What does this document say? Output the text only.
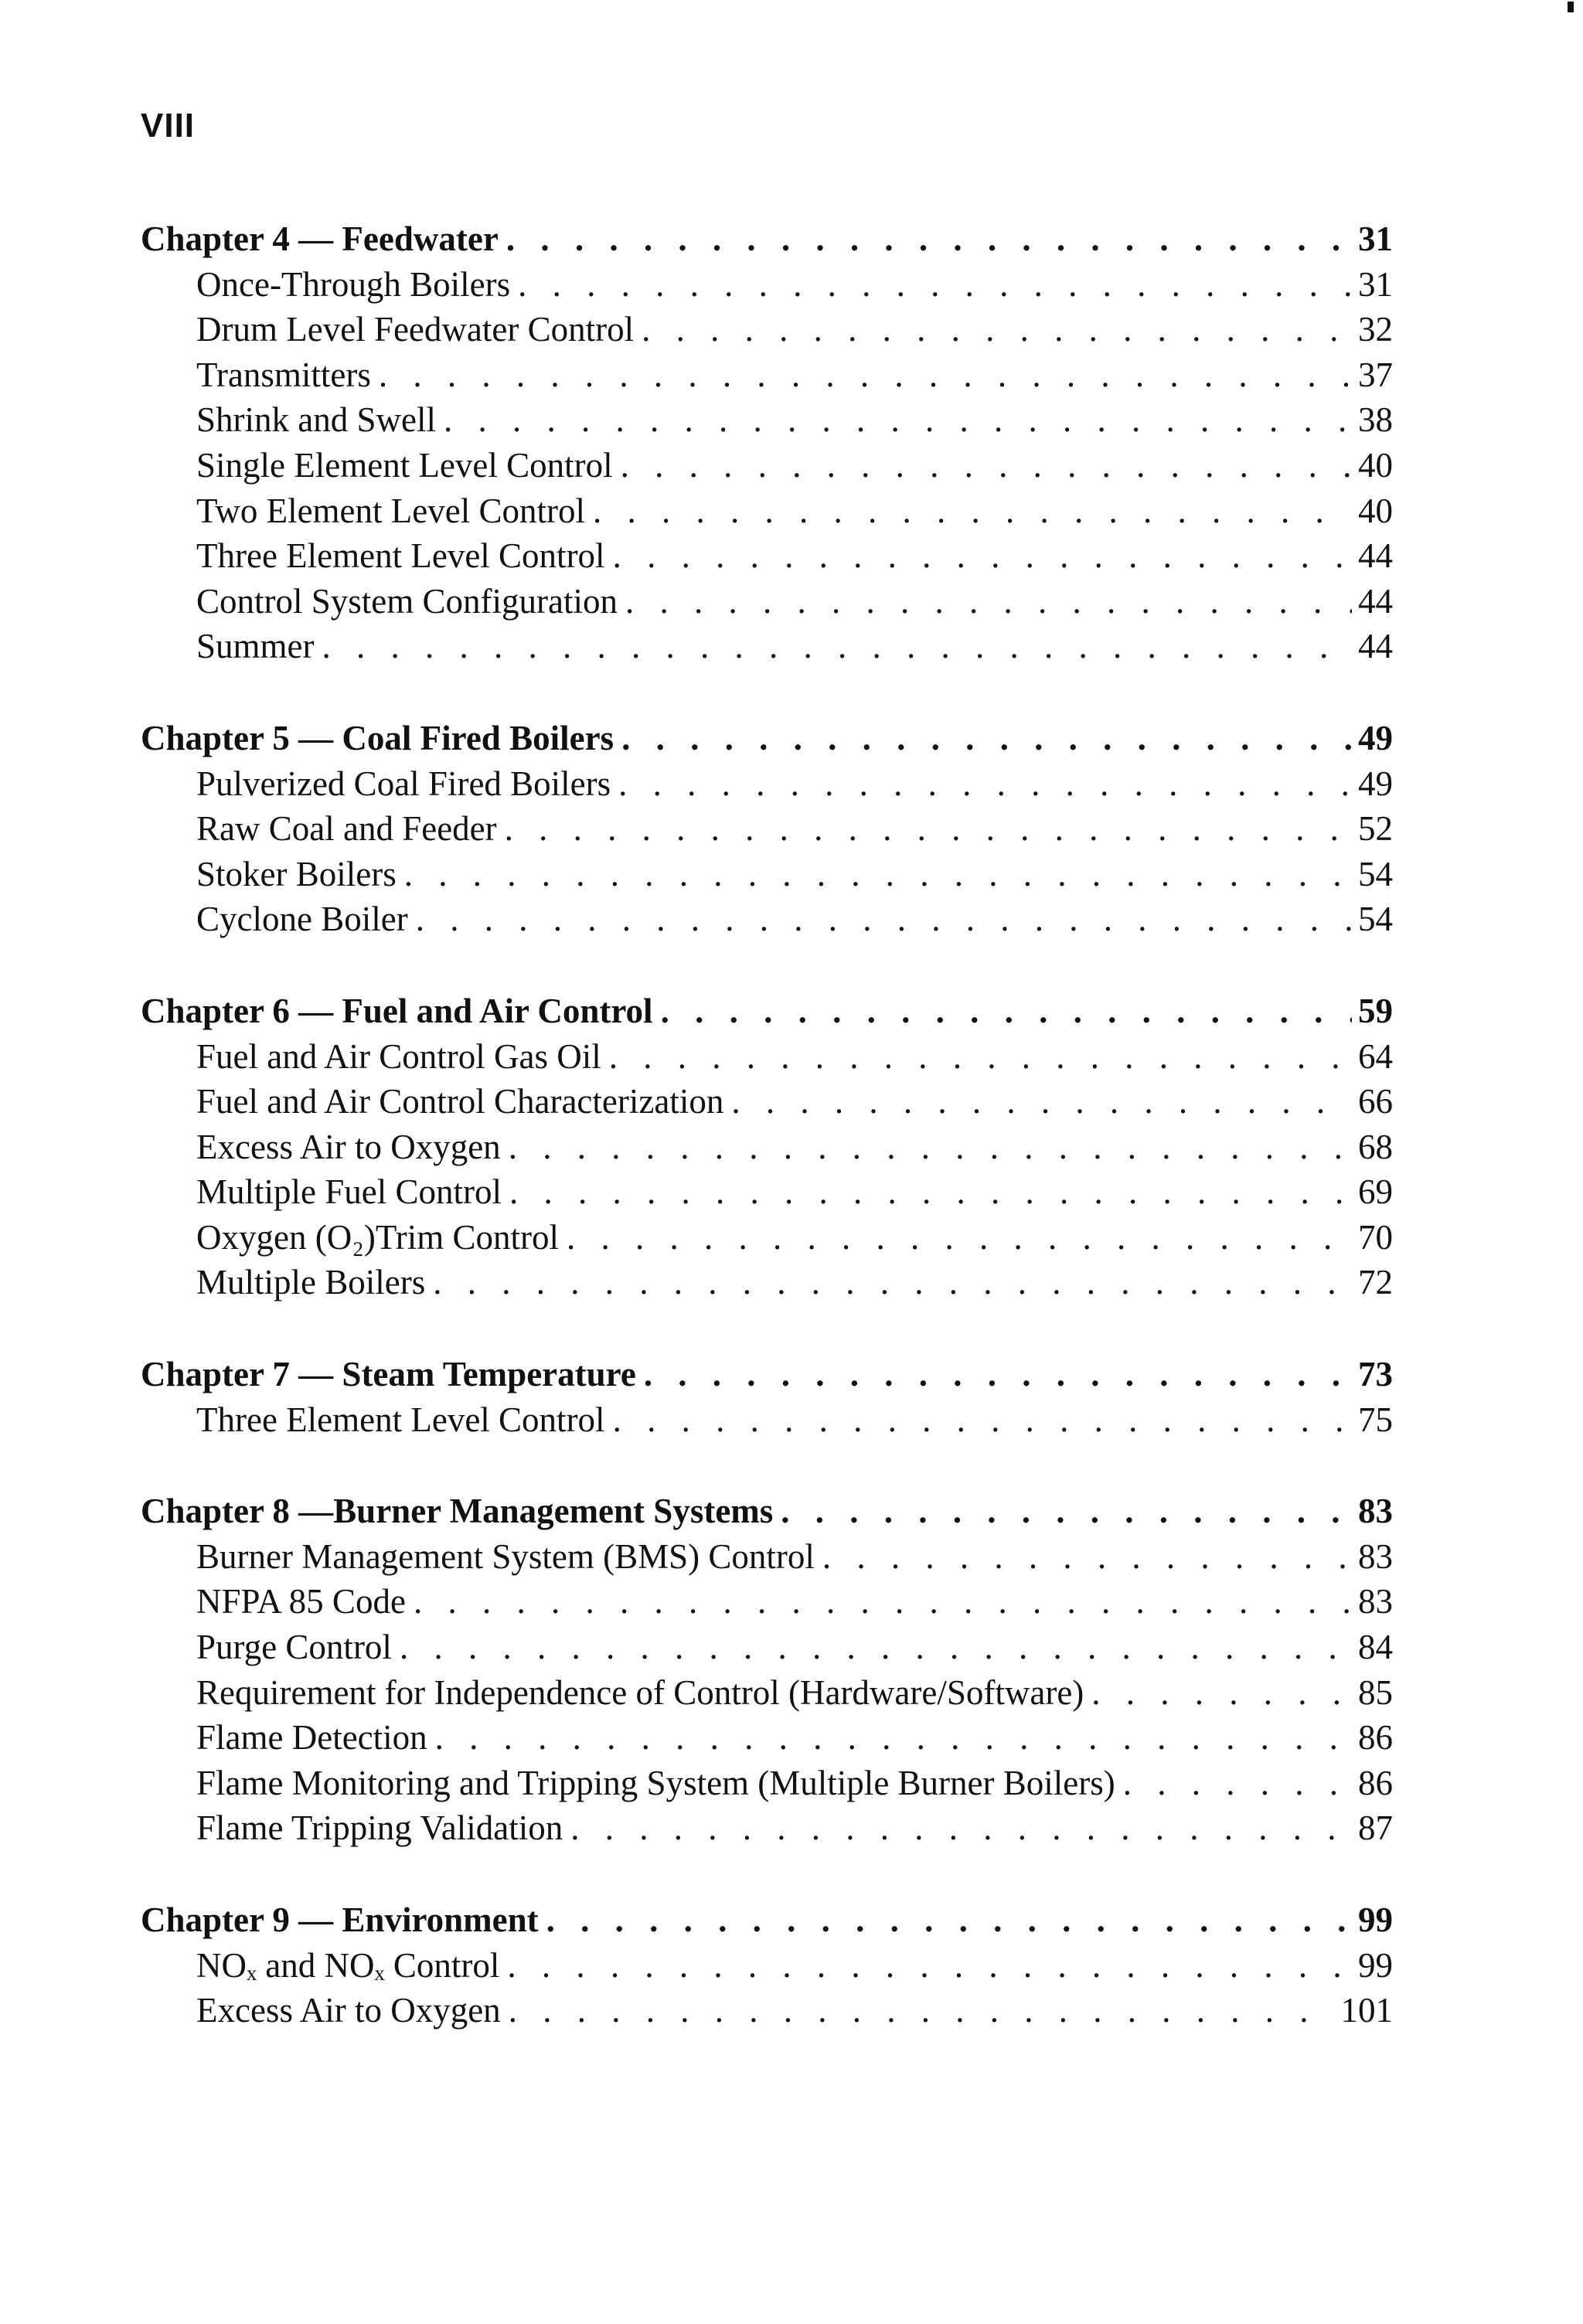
VIII
Chapter 4 — Feedwater . . .	31
Once-Through Boilers . . .	31
Drum Level Feedwater Control . . .	32
Transmitters . . .	37
Shrink and Swell . . .	38
Single Element Level Control . . .	40
Two Element Level Control . . .	40
Three Element Level Control . . .	44
Control System Configuration . . .	44
Summer . . .	44
Chapter 5 — Coal Fired Boilers . . .	49
Pulverized Coal Fired Boilers . . .	49
Raw Coal and Feeder . . .	52
Stoker Boilers . . .	54
Cyclone Boiler . . .	54
Chapter 6 — Fuel and Air Control . . .	59
Fuel and Air Control Gas Oil . . .	64
Fuel and Air Control Characterization . . .	66
Excess Air to Oxygen . . .	68
Multiple Fuel Control . . .	69
Oxygen (O₂)Trim Control . . .	70
Multiple Boilers . . .	72
Chapter 7 — Steam Temperature . . .	73
Three Element Level Control . . .	75
Chapter 8 —Burner Management Systems . . .	83
Burner Management System (BMS) Control . . .	83
NFPA 85 Code . . .	83
Purge Control . . .	84
Requirement for Independence of Control (Hardware/Software) . . .	85
Flame Detection . . .	86
Flame Monitoring and Tripping System (Multiple Burner Boilers) . . .	86
Flame Tripping Validation . . .	87
Chapter 9 — Environment . . .	99
NOₓ and NOₓ Control . . .	99
Excess Air to Oxygen . . .	101
